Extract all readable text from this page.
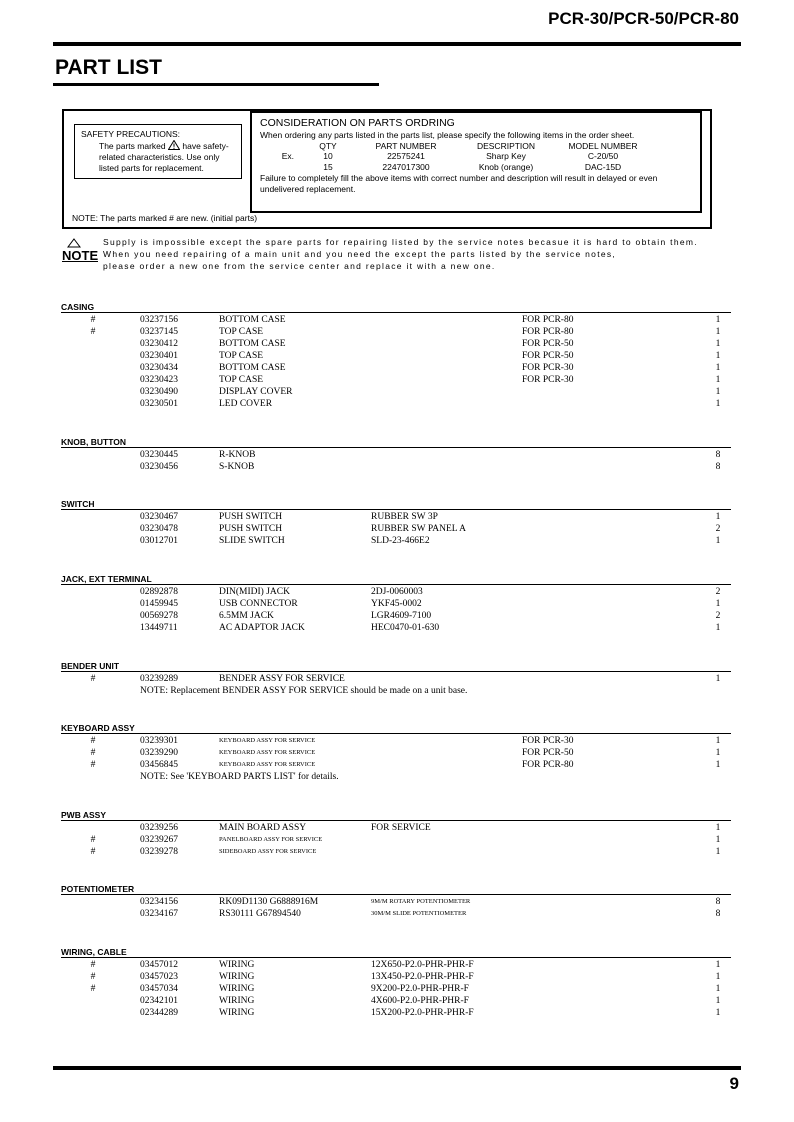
PCR-30/PCR-50/PCR-80
PART LIST
SAFETY PRECAUTIONS:
The parts marked have safety-related characteristics. Use only listed parts for replacement.
CONSIDERATION ON PARTS ORDRING
When ordering any parts listed in the parts list, please specify the following items in the order sheet.
QTY	PART NUMBER	DESCRIPTION	MODEL NUMBER
Ex.	10	22575241	Sharp Key	C-20/50
15	2247017300	Knob (orange)	DAC-15D
Failure to completely fill the above items with correct number and description will result in delayed or even undelivered replacement.
NOTE: The parts marked # are new. (initial parts)
NOTE
Supply is impossible except the spare parts for repairing listed by the service notes becasue it is hard to obtain them.
When you need repairing of a main unit and you need the except the parts listed by the service notes,
please order a new one from the service center and replace it with a new one.
CASING
#	03237156	BOTTOM CASE	FOR PCR-80	1
#	03237145	TOP CASE	FOR PCR-80	1
03230412	BOTTOM CASE	FOR PCR-50	1
03230401	TOP CASE	FOR PCR-50	1
03230434	BOTTOM CASE	FOR PCR-30	1
03230423	TOP CASE	FOR PCR-30	1
03230490	DISPLAY COVER	1
03230501	LED COVER	1
KNOB, BUTTON
03230445	R-KNOB	8
03230456	S-KNOB	8
SWITCH
03230467	PUSH SWITCH	RUBBER SW 3P	1
03230478	PUSH SWITCH	RUBBER SW PANEL A	2
03012701	SLIDE SWITCH	SLD-23-466E2	1
JACK, EXT TERMINAL
02892878	DIN(MIDI) JACK	2DJ-0060003	2
01459945	USB CONNECTOR	YKF45-0002	1
00569278	6.5MM JACK	LGR4609-7100	2
13449711	AC ADAPTOR JACK	HEC0470-01-630	1
BENDER UNIT
#	03239289	BENDER ASSY FOR SERVICE	1
NOTE: Replacement BENDER ASSY FOR SERVICE should be made on a unit base.
KEYBOARD ASSY
#	03239301	KEYBOARD ASSY FOR SERVICE	FOR PCR-30	1
#	03239290	KEYBOARD ASSY FOR SERVICE	FOR PCR-50	1
#	03456845	KEYBOARD ASSY FOR SERVICE	FOR PCR-80	1
NOTE: See 'KEYBOARD PARTS LIST' for details.
PWB ASSY
03239256	MAIN BOARD ASSY	FOR SERVICE	1
#	03239267	PANELBOARD ASSY FOR SERVICE	1
#	03239278	SIDEBOARD ASSY FOR SERVICE	1
POTENTIOMETER
03234156	RK09D1130 G6888916M	9M/M ROTARY POTENTIOMETER	8
03234167	RS30111 G67894540	30M/M SLIDE POTENTIOMETER	8
WIRING, CABLE
#	03457012	WIRING	12X650-P2.0-PHR-PHR-F	1
#	03457023	WIRING	13X450-P2.0-PHR-PHR-F	1
#	03457034	WIRING	9X200-P2.0-PHR-PHR-F	1
02342101	WIRING	4X600-P2.0-PHR-PHR-F	1
02344289	WIRING	15X200-P2.0-PHR-PHR-F	1
9
